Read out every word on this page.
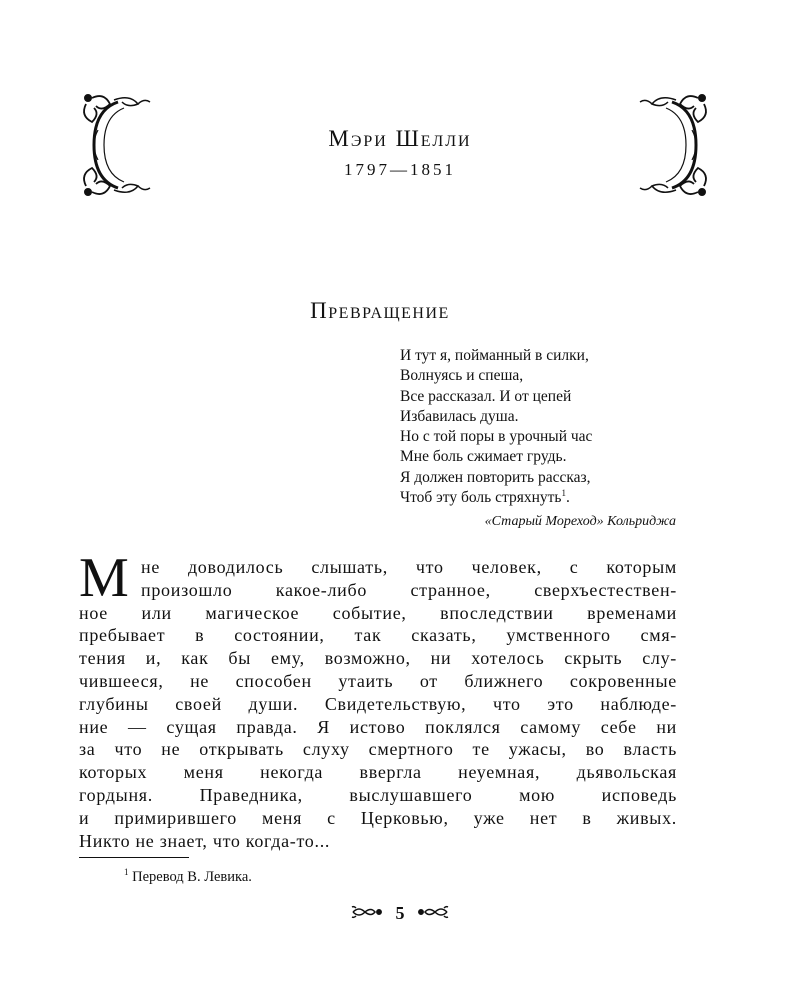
Мэри Шелли
1797—1851
Превращение
И тут я, пойманный в силки,
Волнуясь и спеша,
Все рассказал. И от цепей
Избавилась душа.
Но с той поры в урочный час
Мне боль сжимает грудь.
Я должен повторить рассказ,
Чтоб эту боль стряхнуть$^1$.
«Старый Мореход» Кольриджа
М не доводилось слышать, что человек, с которым
произошло какое-либо странное, сверхъестествен-
ное или магическое событие, впоследствии временами
пребывает в состоянии, так сказать, умственного смя-
тения и, как бы ему, возможно, ни хотелось скрыть слу-
чившееся, не способен утаить от ближнего сокровенные
глубины своей души. Свидетельствую, что это наблюде-
ние — сущая правда. Я истово поклялся самому себе ни
за что не открывать слуху смертного те ужасы, во власть
которых меня некогда ввергла неуемная, дьявольская
гордыня. Праведника, выслушавшего мою исповедь
и примирившего меня с Церковью, уже нет в живых.
Никто не знает, что когда-то...
$^1$ Перевод В. Левика.
5
